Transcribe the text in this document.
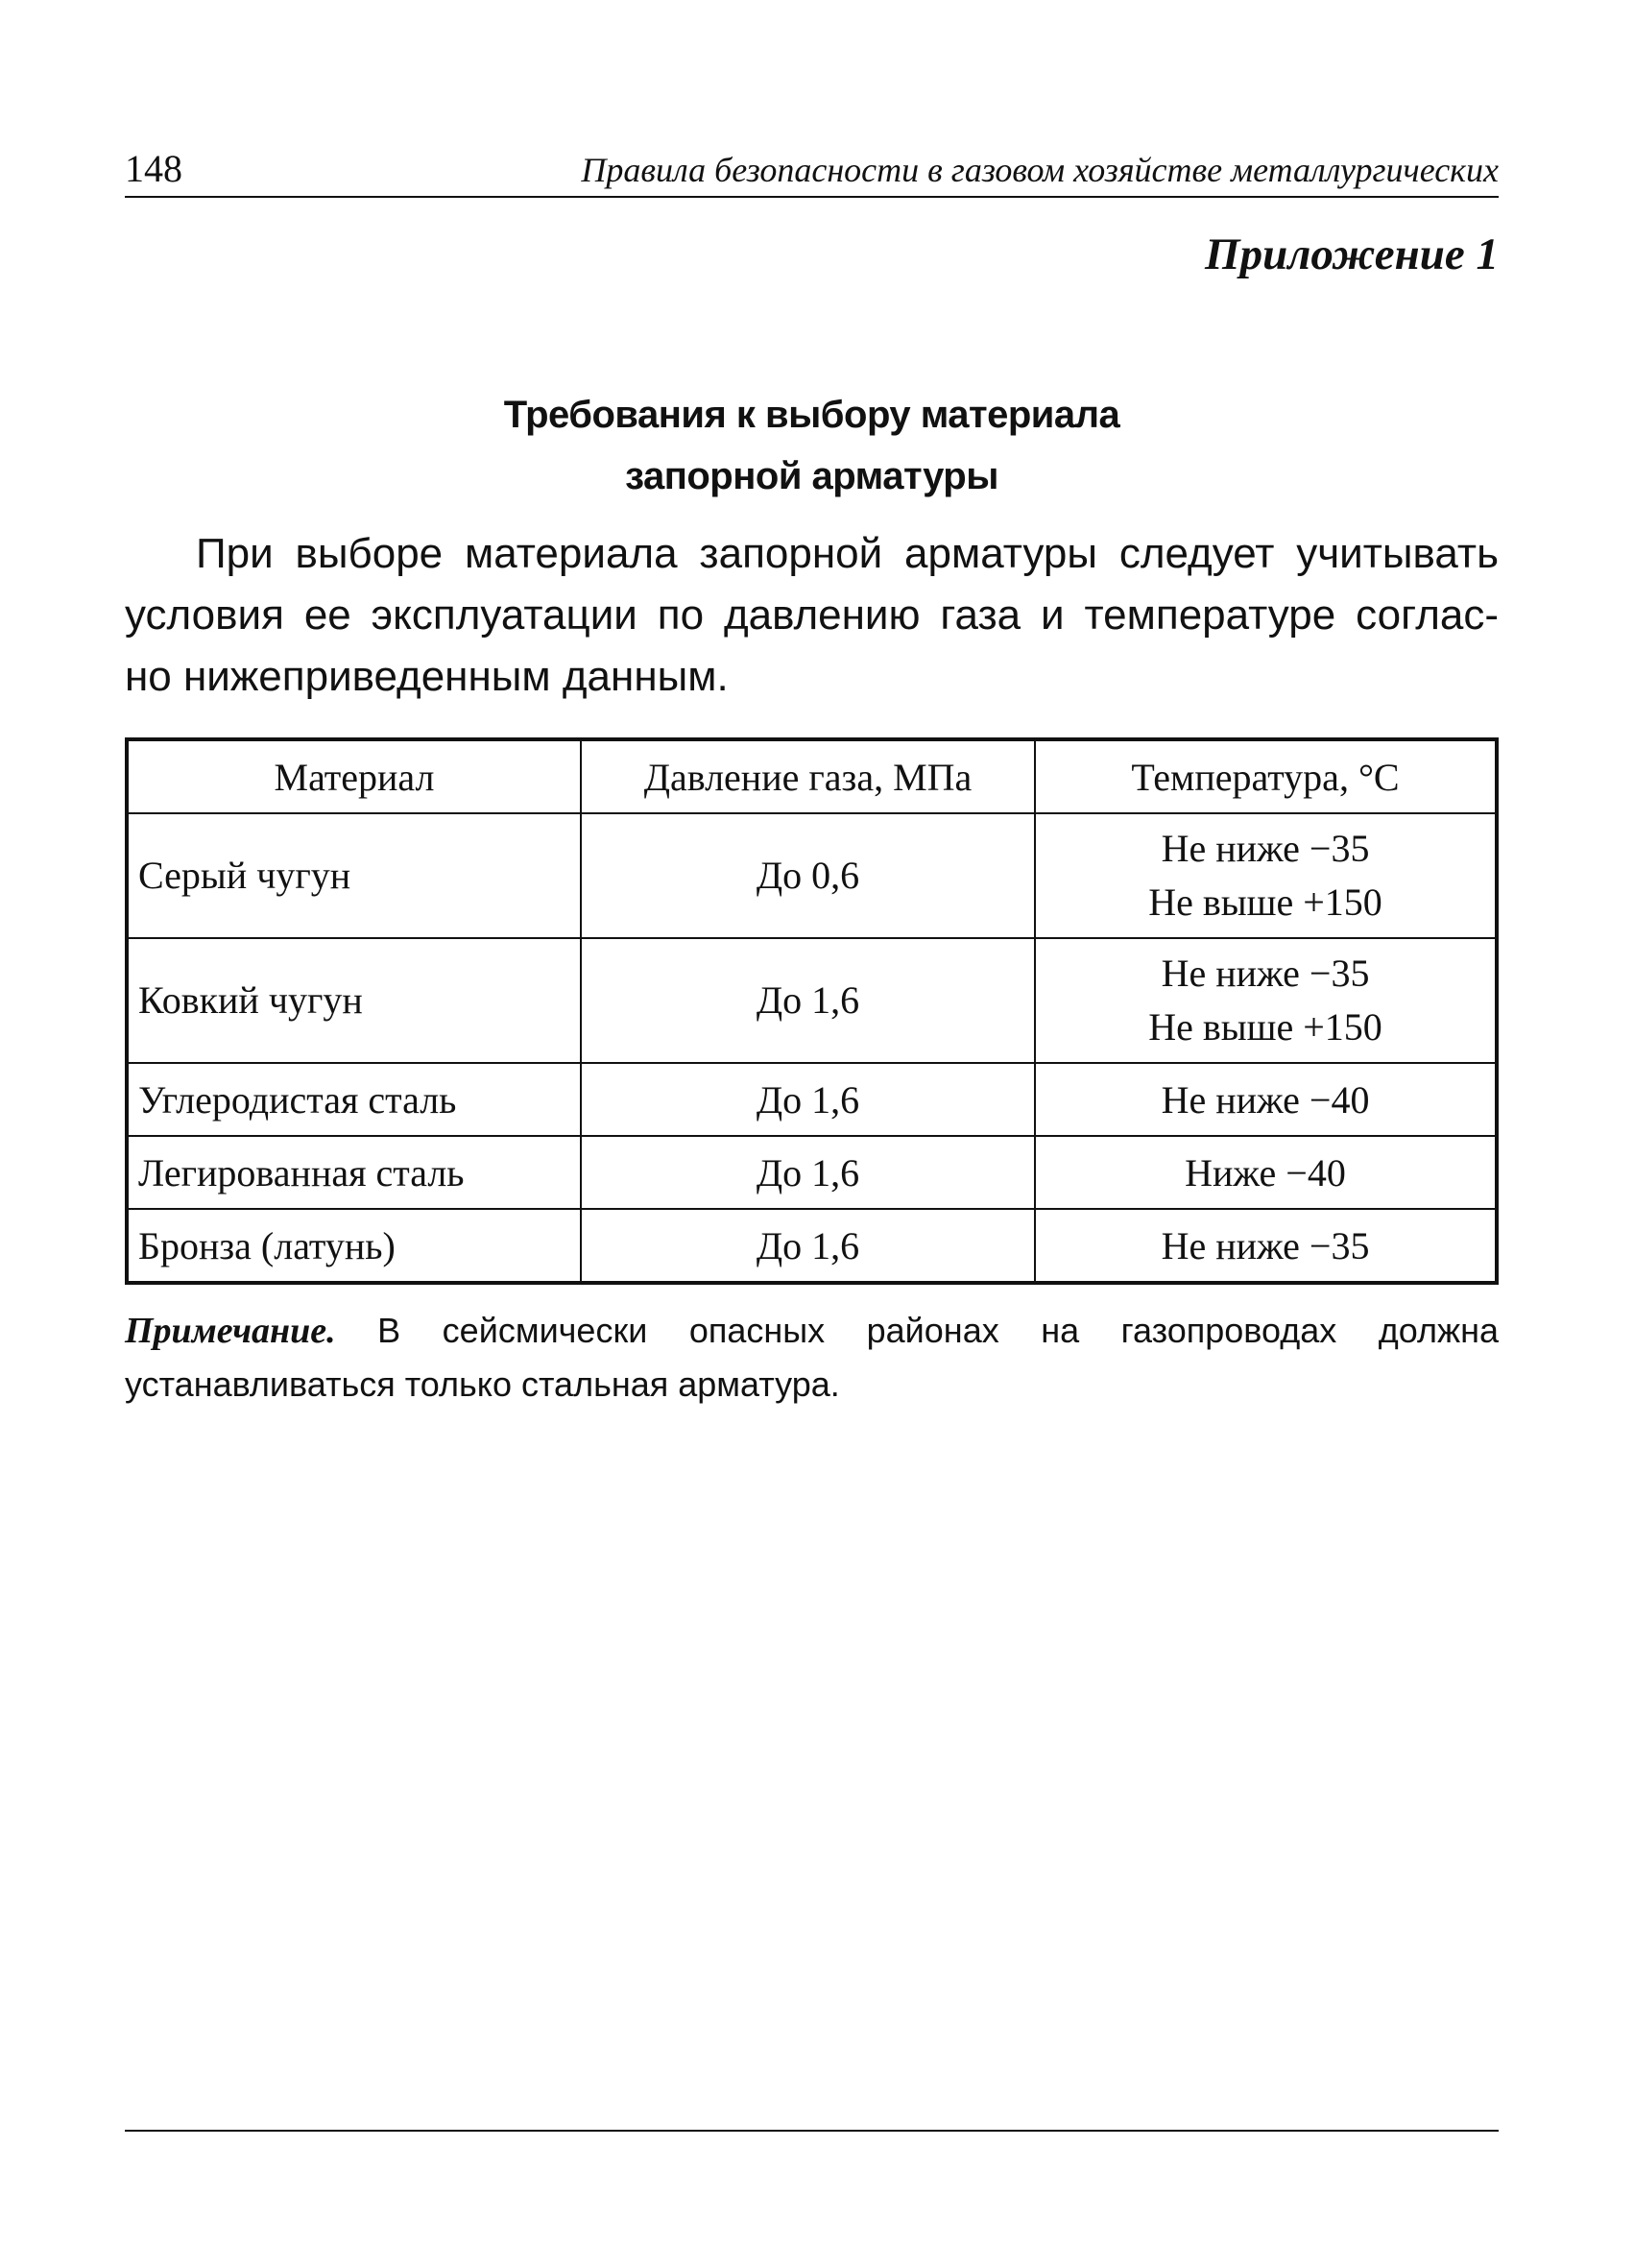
148	Правила безопасности в газовом хозяйстве металлургических
Приложение 1
Требования к выбору материала
запорной арматуры
При выборе материала запорной арматуры следует учитывать
условия ее эксплуатации по давлению газа и температуре соглас-
но нижеприведенным данным.
Материал	Давление газа, МПа	Температура, °С
Серый чугун	До 0,6	Не ниже −35
Не выше +150

Ковкий чугун	До 1,6	Не ниже −35
Не выше +150

Углеродистая сталь	До 1,6	Не ниже −40
Легированная сталь	До 1,6	Ниже −40
Бронза (латунь)	До 1,6	Не ниже −35
Примечание. В сейсмически опасных районах на газопроводах должна
устанавливаться только стальная арматура.
